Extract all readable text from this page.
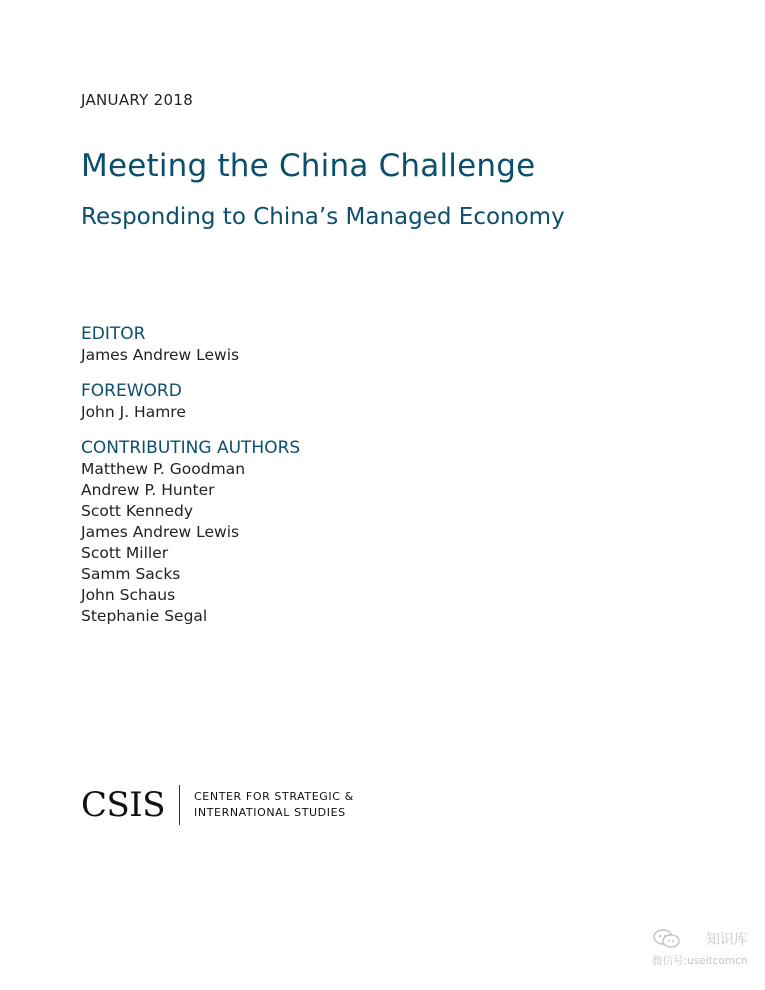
JANUARY 2018
Meeting the China Challenge
Responding to China’s Managed Economy
EDITOR
James Andrew Lewis
FOREWORD
John J. Hamre
CONTRIBUTING AUTHORS
Matthew P. Goodman
Andrew P. Hunter
Scott Kennedy
James Andrew Lewis
Scott Miller
Samm Sacks
John Schaus
Stephanie Segal
CSIS	CENTER FOR STRATEGIC &
INTERNATIONAL STUDIES
知识库
微信号:useitcomcn
